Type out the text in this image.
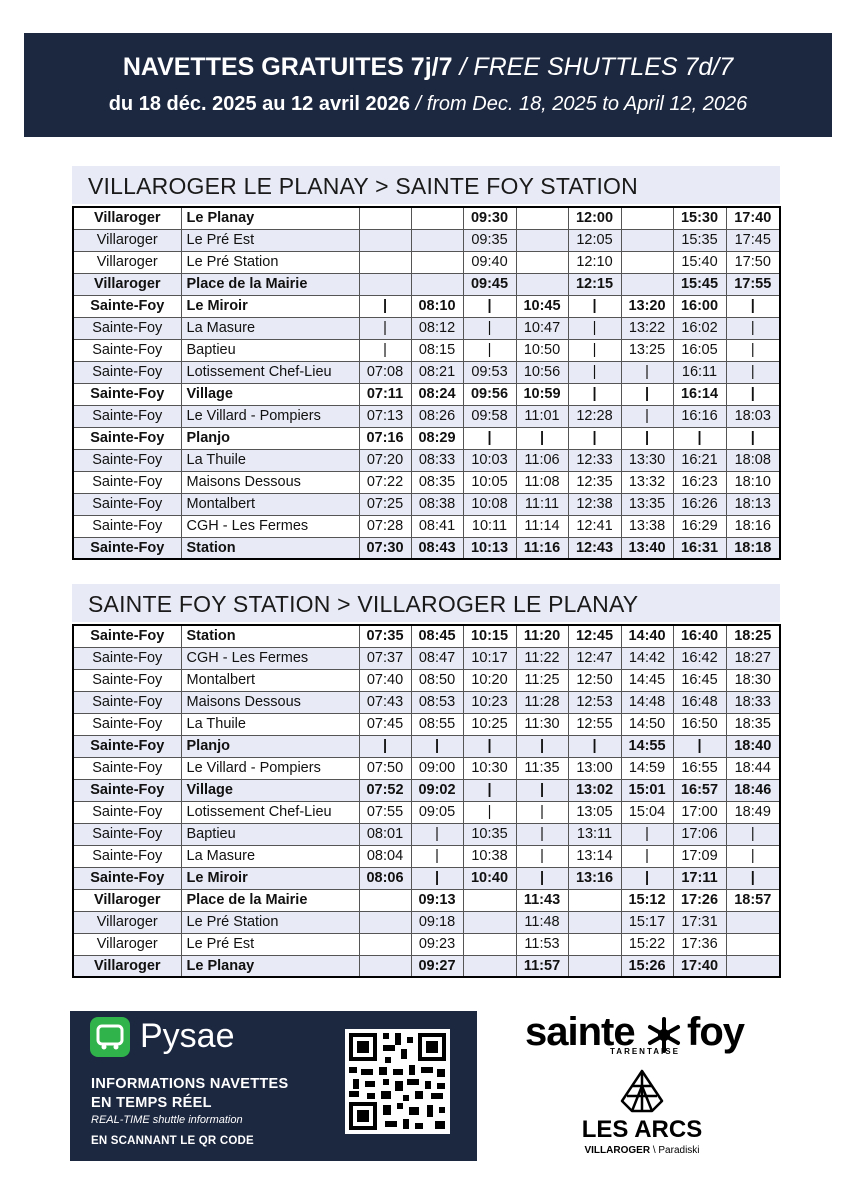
NAVETTES GRATUITES 7j/7 / FREE SHUTTLES 7d/7
du 18 déc. 2025 au 12 avril 2026 / from Dec. 18, 2025 to April 12, 2026
VILLAROGER LE PLANAY > SAINTE FOY STATION
Villaroger	Le Planay			09:30		12:00		15:30	17:40
Villaroger	Le Pré Est			09:35		12:05		15:35	17:45
Villaroger	Le Pré Station			09:40		12:10		15:40	17:50
Villaroger	Place de la Mairie			09:45		12:15		15:45	17:55
Sainte-Foy	Le Miroir	|	08:10	|	10:45	|	13:20	16:00	|
Sainte-Foy	La Masure	|	08:12	|	10:47	|	13:22	16:02	|
Sainte-Foy	Baptieu	|	08:15	|	10:50	|	13:25	16:05	|
Sainte-Foy	Lotissement Chef-Lieu	07:08	08:21	09:53	10:56	|	|	16:11	|
Sainte-Foy	Village	07:11	08:24	09:56	10:59	|	|	16:14	|
Sainte-Foy	Le Villard - Pompiers	07:13	08:26	09:58	11:01	12:28	|	16:16	18:03
Sainte-Foy	Planjo	07:16	08:29	|	|	|	|	|	|
Sainte-Foy	La Thuile	07:20	08:33	10:03	11:06	12:33	13:30	16:21	18:08
Sainte-Foy	Maisons Dessous	07:22	08:35	10:05	11:08	12:35	13:32	16:23	18:10
Sainte-Foy	Montalbert	07:25	08:38	10:08	11:11	12:38	13:35	16:26	18:13
Sainte-Foy	CGH - Les Fermes	07:28	08:41	10:11	11:14	12:41	13:38	16:29	18:16
Sainte-Foy	Station	07:30	08:43	10:13	11:16	12:43	13:40	16:31	18:18
SAINTE FOY STATION > VILLAROGER LE PLANAY
Sainte-Foy	Station	07:35	08:45	10:15	11:20	12:45	14:40	16:40	18:25
Sainte-Foy	CGH - Les Fermes	07:37	08:47	10:17	11:22	12:47	14:42	16:42	18:27
Sainte-Foy	Montalbert	07:40	08:50	10:20	11:25	12:50	14:45	16:45	18:30
Sainte-Foy	Maisons Dessous	07:43	08:53	10:23	11:28	12:53	14:48	16:48	18:33
Sainte-Foy	La Thuile	07:45	08:55	10:25	11:30	12:55	14:50	16:50	18:35
Sainte-Foy	Planjo	|	|	|	|	|	14:55	|	18:40
Sainte-Foy	Le Villard - Pompiers	07:50	09:00	10:30	11:35	13:00	14:59	16:55	18:44
Sainte-Foy	Village	07:52	09:02	|	|	13:02	15:01	16:57	18:46
Sainte-Foy	Lotissement Chef-Lieu	07:55	09:05	|	|	13:05	15:04	17:00	18:49
Sainte-Foy	Baptieu	08:01	|	10:35	|	13:11	|	17:06	|
Sainte-Foy	La Masure	08:04	|	10:38	|	13:14	|	17:09	|
Sainte-Foy	Le Miroir	08:06	|	10:40	|	13:16	|	17:11	|
Villaroger	Place de la Mairie		09:13		11:43		15:12	17:26	18:57
Villaroger	Le Pré Station		09:18		11:48		15:17	17:31	
Villaroger	Le Pré Est		09:23		11:53		15:22	17:36	
Villaroger	Le Planay		09:27		11:57		15:26	17:40	
Pysae
INFORMATIONS NAVETTES
EN TEMPS RÉEL
REAL-TIME shuttle information
EN SCANNANT LE QR CODE
sainte foy
TARENTAISE
LES ARCS
VILLAROGER \ Paradiski
